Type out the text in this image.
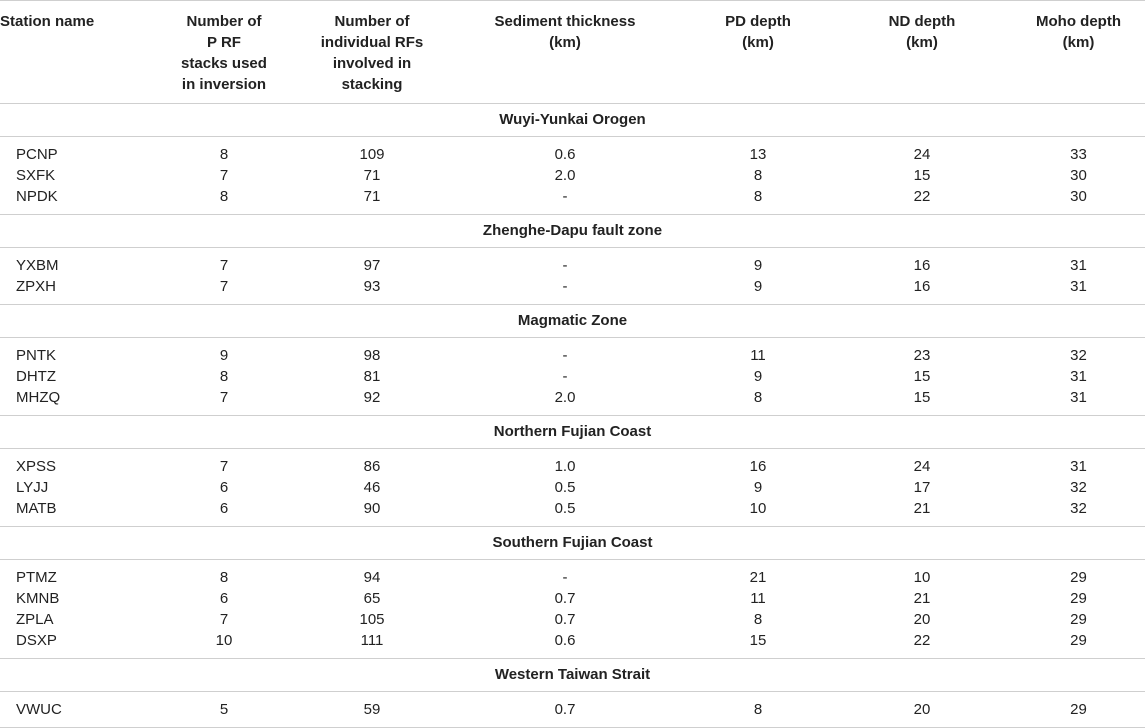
Station name	Number of
P RF
stacks used
in inversion	Number of
individual RFs
involved in
stacking	Sediment thickness
(km)	PD depth
(km)	ND depth
(km)	Moho depth
(km)
Wuyi-Yunkai Orogen						

PCNP	8	109	0.6	13	24	33
SXFK	7	71	2.0	8	15	30
NPDK	8	71	-	8	22	30

Zhenghe-Dapu fault zone						

YXBM	7	97	-	9	16	31
ZPXH	7	93	-	9	16	31

Magmatic Zone						

PNTK	9	98	-	11	23	32
DHTZ	8	81	-	9	15	31
MHZQ	7	92	2.0	8	15	31

Northern Fujian Coast						

XPSS	7	86	1.0	16	24	31
LYJJ	6	46	0.5	9	17	32
MATB	6	90	0.5	10	21	32

Southern Fujian Coast						

PTMZ	8	94	-	21	10	29
KMNB	6	65	0.7	11	21	29
ZPLA	7	105	0.7	8	20	29
DSXP	10	111	0.6	15	22	29

Western Taiwan Strait						

VWUC	5	59	0.7	8	20	29
